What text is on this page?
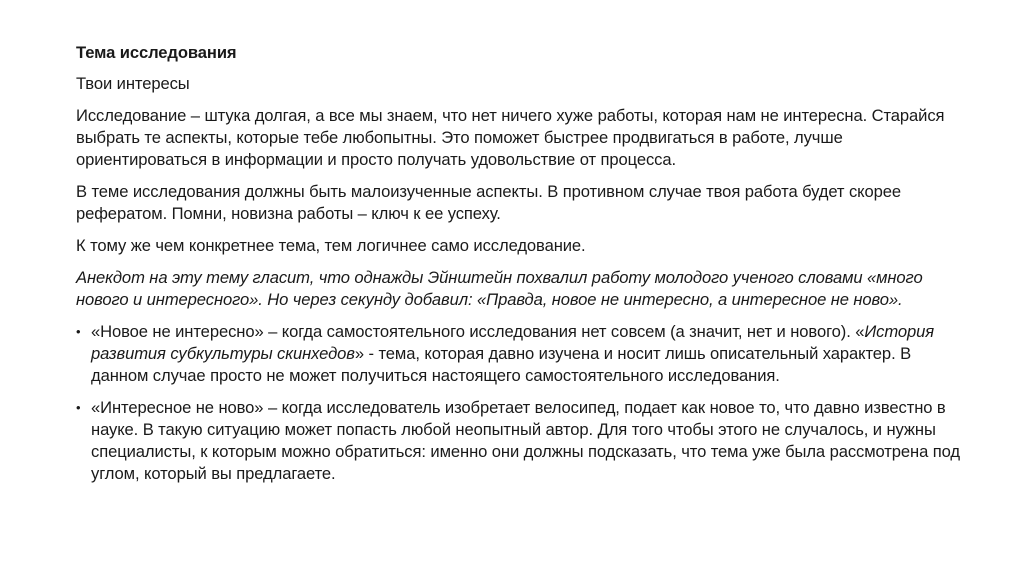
Тема исследования
Твои интересы
Исследование – штука долгая, а все мы знаем, что нет ничего хуже работы, которая нам не интересна. Старайся выбрать те аспекты, которые тебе любопытны. Это поможет быстрее продвигаться в работе, лучше ориентироваться в информации и просто получать удовольствие от процесса.
В теме исследования должны быть малоизученные аспекты. В противном случае твоя работа будет скорее рефератом. Помни, новизна работы – ключ к ее успеху.
К тому же чем конкретнее тема, тем логичнее само исследование.
Анекдот на эту тему гласит, что однажды Эйнштейн похвалил работу молодого ученого словами «много нового и интересного». Но через секунду добавил: «Правда, новое не интересно, а интересное не ново».
• «Новое не интересно» – когда самостоятельного исследования нет совсем (а значит, нет и нового). «История развития субкультуры скинхедов» - тема, которая давно изучена и носит лишь описательный характер. В данном случае просто не может получиться настоящего самостоятельного исследования.
• «Интересное не ново» – когда исследователь изобретает велосипед, подает как новое то, что давно известно в науке. В такую ситуацию может попасть любой неопытный автор. Для того чтобы этого не случалось, и нужны специалисты, к которым можно обратиться: именно они должны подсказать, что тема уже была рассмотрена под углом, который вы предлагаете.
